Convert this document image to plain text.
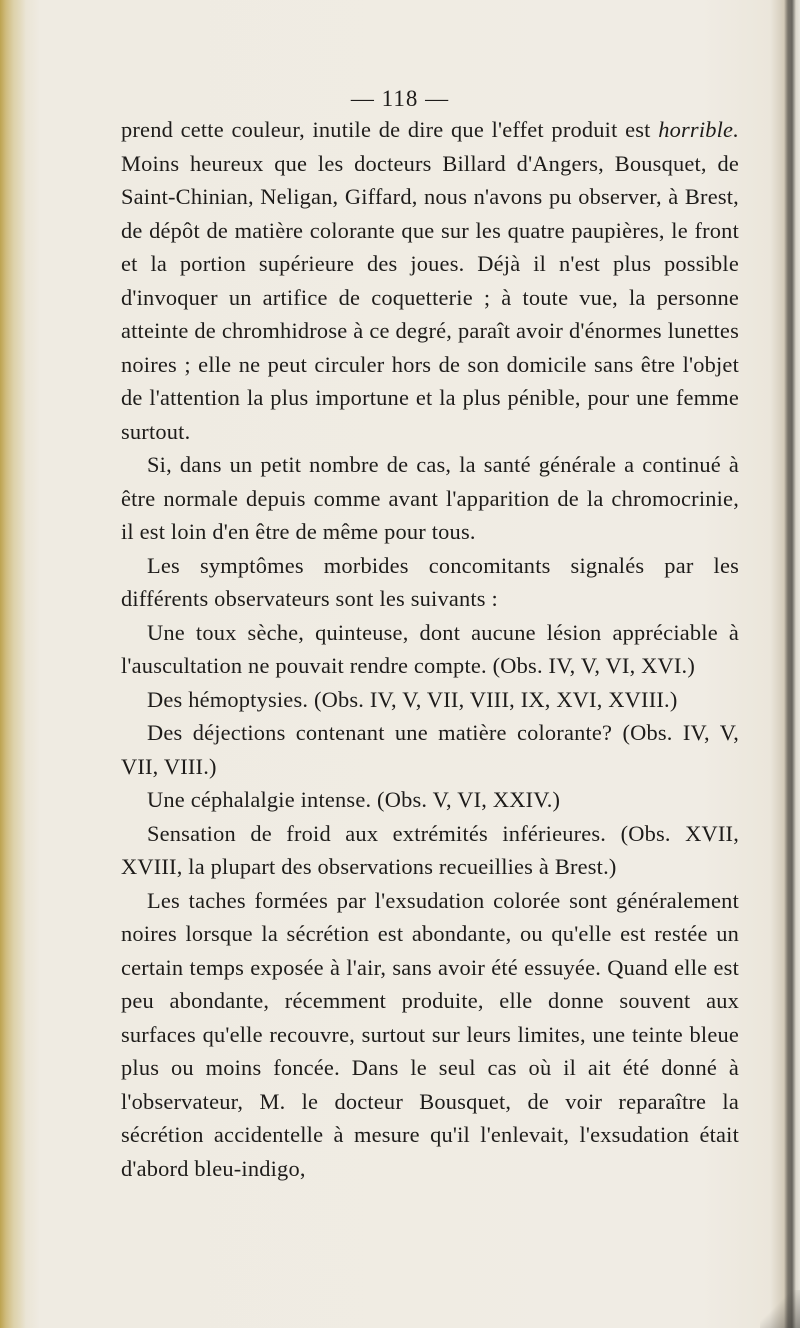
— 118 —

prend cette couleur, inutile de dire que l'effet produit est horrible. Moins heureux que les docteurs Billard d'Angers, Bousquet, de Saint-Chinian, Neligan, Giffard, nous n'avons pu observer, à Brest, de dépôt de matière colorante que sur les quatre paupières, le front et la portion supérieure des joues. Déjà il n'est plus possible d'invoquer un artifice de coquetterie ; à toute vue, la personne atteinte de chromhidrose à ce degré, paraît avoir d'énormes lunettes noires ; elle ne peut circuler hors de son domicile sans être l'objet de l'attention la plus importune et la plus pénible, pour une femme surtout.

Si, dans un petit nombre de cas, la santé générale a continué à être normale depuis comme avant l'apparition de la chromocrinie, il est loin d'en être de même pour tous.

Les symptômes morbides concomitants signalés par les différents observateurs sont les suivants :

Une toux sèche, quinteuse, dont aucune lésion appréciable à l'auscultation ne pouvait rendre compte. (Obs. IV, V, VI, XVI.)

Des hémoptysies. (Obs. IV, V, VII, VIII, IX, XVI, XVIII.)

Des déjections contenant une matière colorante? (Obs. IV, V, VII, VIII.)

Une céphalalgie intense. (Obs. V, VI, XXIV.)

Sensation de froid aux extrémités inférieures. (Obs. XVII, XVIII, la plupart des observations recueillies à Brest.)

Les taches formées par l'exsudation colorée sont généralement noires lorsque la sécrétion est abondante, ou qu'elle est restée un certain temps exposée à l'air, sans avoir été essuyée. Quand elle est peu abondante, récemment produite, elle donne souvent aux surfaces qu'elle recouvre, surtout sur leurs limites, une teinte bleue plus ou moins foncée. Dans le seul cas où il ait été donné à l'observateur, M. le docteur Bousquet, de voir reparaître la sécrétion accidentelle à mesure qu'il l'enlevait, l'exsudation était d'abord bleu-indigo,
